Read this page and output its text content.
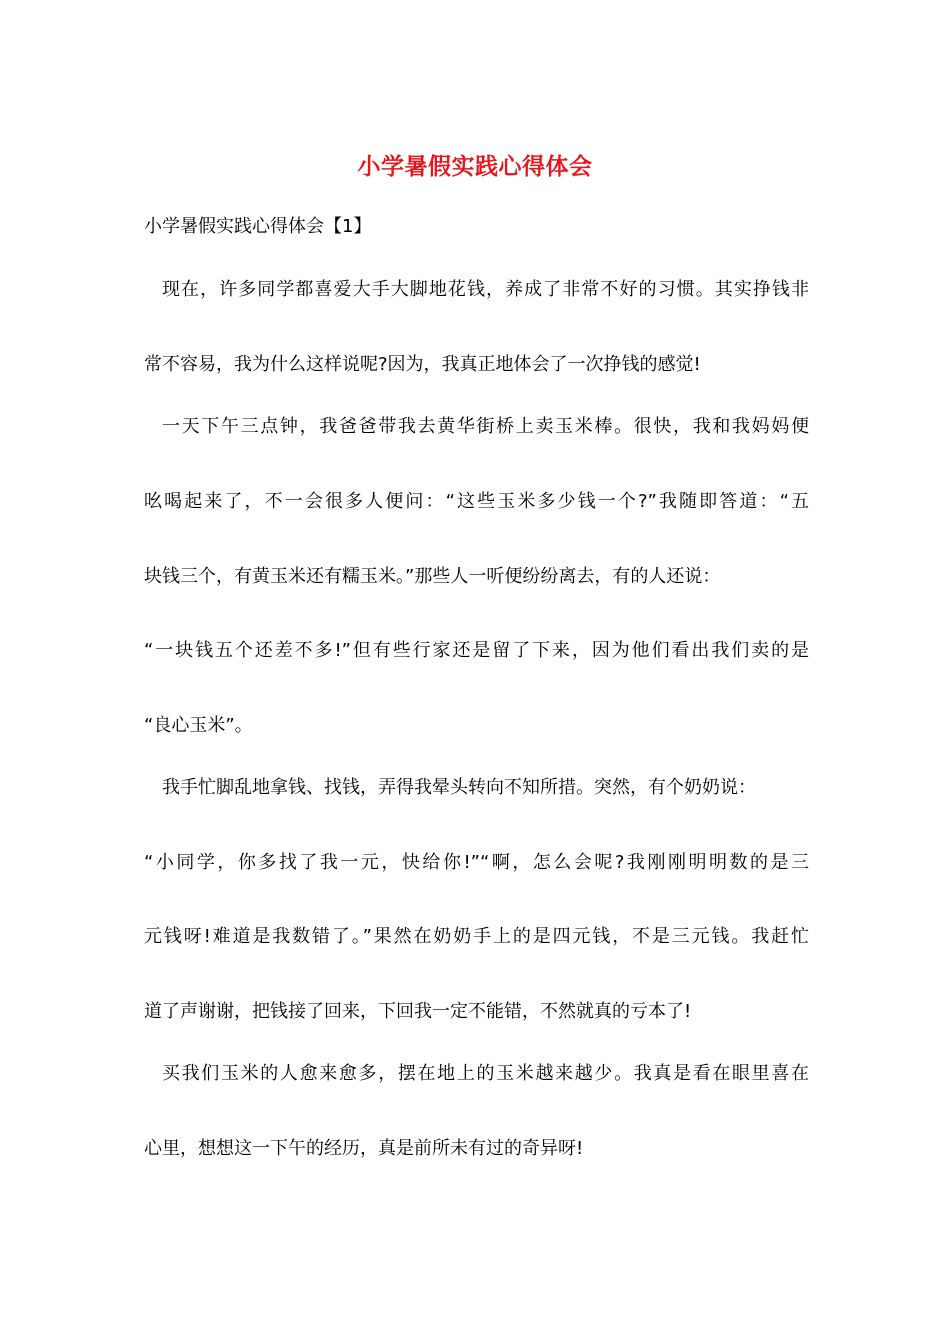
小学暑假实践心得体会
小学暑假实践心得体会【1】
现在，许多同学都喜爱大手大脚地花钱，养成了非常不好的习惯。其实挣钱非
常不容易，我为什么这样说呢?因为，我真正地体会了一次挣钱的感觉!
一天下午三点钟，我爸爸带我去黄华街桥上卖玉米棒。很快，我和我妈妈便
吆喝起来了，不一会很多人便问：“这些玉米多少钱一个?”我随即答道：“五
块钱三个，有黄玉米还有糯玉米。”那些人一听便纷纷离去，有的人还说：
“一块钱五个还差不多!”但有些行家还是留了下来，因为他们看出我们卖的是
“良心玉米”。
我手忙脚乱地拿钱、找钱，弄得我晕头转向不知所措。突然，有个奶奶说：
“小同学，你多找了我一元，快给你!”“啊，怎么会呢?我刚刚明明数的是三
元钱呀!难道是我数错了。”果然在奶奶手上的是四元钱，不是三元钱。我赶忙
道了声谢谢，把钱接了回来，下回我一定不能错，不然就真的亏本了!
买我们玉米的人愈来愈多，摆在地上的玉米越来越少。我真是看在眼里喜在
心里，想想这一下午的经历，真是前所未有过的奇异呀!
